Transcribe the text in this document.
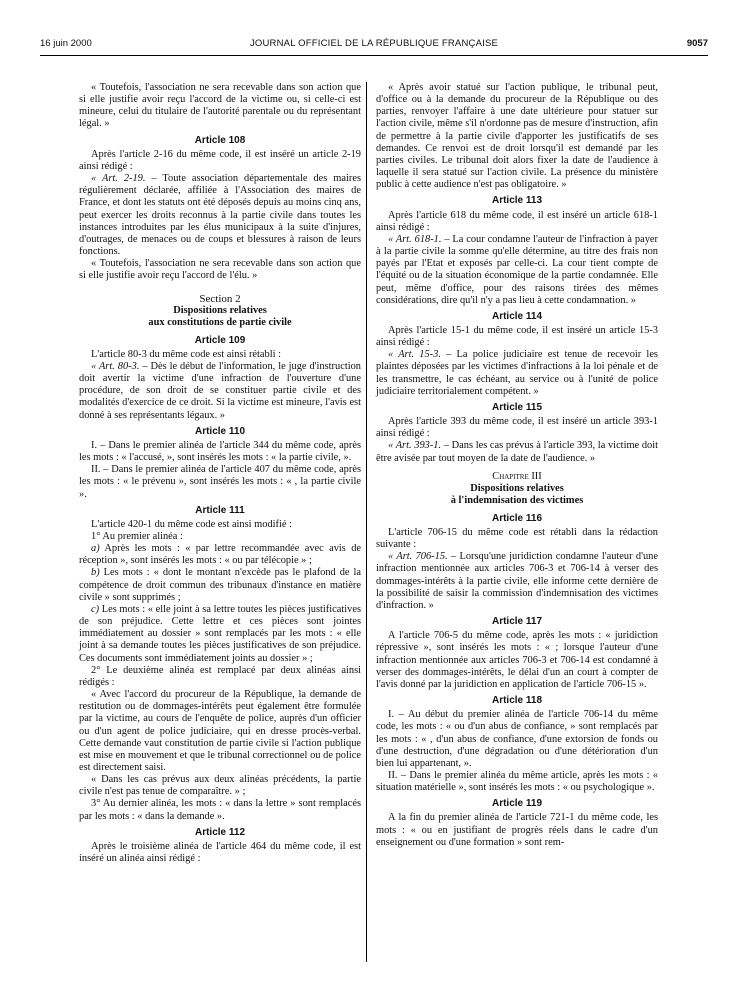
16 juin 2000	JOURNAL OFFICIEL DE LA RÉPUBLIQUE FRANÇAISE	9057

« Toutefois, l'association ne sera recevable dans son action que si elle justifie avoir reçu l'accord de la victime ou, si celle-ci est mineure, celui du titulaire de l'autorité parentale ou du représentant légal. »

Article 108

Après l'article 2-16 du même code, il est inséré un article 2-19 ainsi rédigé :

« Art. 2-19. – Toute association départementale des maires régulièrement déclarée, affiliée à l'Association des maires de France, et dont les statuts ont été déposés depuis au moins cinq ans, peut exercer les droits reconnus à la partie civile dans toutes les instances introduites par les élus municipaux à la suite d'injures, d'outrages, de menaces ou de coups et blessures à raison de leurs fonctions.

« Toutefois, l'association ne sera recevable dans son action que si elle justifie avoir reçu l'accord de l'élu. »

Section 2
Dispositions relatives
aux constitutions de partie civile
Article 109

L'article 80-3 du même code est ainsi rétabli :

« Art. 80-3. – Dès le début de l'information, le juge d'instruction doit avertir la victime d'une infraction de l'ouverture d'une procédure, de son droit de se constituer partie civile et des modalités d'exercice de ce droit. Si la victime est mineure, l'avis est donné à ses représentants légaux. »

Article 110

I. – Dans le premier alinéa de l'article 344 du même code, après les mots : « l'accusé, », sont insérés les mots : « la partie civile, ».

II. – Dans le premier alinéa de l'article 407 du même code, après les mots : « le prévenu », sont insérés les mots : « , la partie civile ».

Article 111

L'article 420-1 du même code est ainsi modifié :

1° Au premier alinéa :

a) Après les mots : « par lettre recommandée avec avis de réception », sont insérés les mots : « ou par télécopie » ;

b) Les mots : « dont le montant n'excède pas le plafond de la compétence de droit commun des tribunaux d'instance en matière civile » sont supprimés ;

c) Les mots : « elle joint à sa lettre toutes les pièces justificatives de son préjudice. Cette lettre et ces pièces sont jointes immédiatement au dossier » sont remplacés par les mots : « elle joint à sa demande toutes les pièces justificatives de son préjudice. Ces documents sont immédiatement joints au dossier » ;

2° Le deuxième alinéa est remplacé par deux alinéas ainsi rédigés :

« Avec l'accord du procureur de la République, la demande de restitution ou de dommages-intérêts peut également être formulée par la victime, au cours de l'enquête de police, auprès d'un officier ou d'un agent de police judiciaire, qui en dresse procès-verbal. Cette demande vaut constitution de partie civile si l'action publique est mise en mouvement et que le tribunal correctionnel ou de police est directement saisi.

« Dans les cas prévus aux deux alinéas précédents, la partie civile n'est pas tenue de comparaître. » ;

3° Au dernier alinéa, les mots : « dans la lettre » sont remplacés par les mots : « dans la demande ».

Article 112

Après le troisième alinéa de l'article 464 du même code, il est inséré un alinéa ainsi rédigé :

« Après avoir statué sur l'action publique, le tribunal peut, d'office ou à la demande du procureur de la République ou des parties, renvoyer l'affaire à une date ultérieure pour statuer sur l'action civile, même s'il n'ordonne pas de mesure d'instruction, afin de permettre à la partie civile d'apporter les justificatifs de ses demandes. Ce renvoi est de droit lorsqu'il est demandé par les parties civiles. Le tribunal doit alors fixer la date de l'audience à laquelle il sera statué sur l'action civile. La présence du ministère public à cette audience n'est pas obligatoire. »

Article 113

Après l'article 618 du même code, il est inséré un article 618-1 ainsi rédigé :

« Art. 618-1. – La cour condamne l'auteur de l'infraction à payer à la partie civile la somme qu'elle détermine, au titre des frais non payés par l'Etat et exposés par celle-ci. La cour tient compte de l'équité ou de la situation économique de la partie condamnée. Elle peut, même d'office, pour des raisons tirées des mêmes considérations, dire qu'il n'y a pas lieu à cette condamnation. »

Article 114

Après l'article 15-1 du même code, il est inséré un article 15-3 ainsi rédigé :

« Art. 15-3. – La police judiciaire est tenue de recevoir les plaintes déposées par les victimes d'infractions à la loi pénale et de les transmettre, le cas échéant, au service ou à l'unité de police judiciaire territorialement compétent. »

Article 115

Après l'article 393 du même code, il est inséré un article 393-1 ainsi rédigé :

« Art. 393-1. – Dans les cas prévus à l'article 393, la victime doit être avisée par tout moyen de la date de l'audience. »

Chapitre III
Dispositions relatives
à l'indemnisation des victimes
Article 116

L'article 706-15 du même code est rétabli dans la rédaction suivante :

« Art. 706-15. – Lorsqu'une juridiction condamne l'auteur d'une infraction mentionnée aux articles 706-3 et 706-14 à verser des dommages-intérêts à la partie civile, elle informe cette dernière de la possibilité de saisir la commission d'indemnisation des victimes d'infraction. »

Article 117

A l'article 706-5 du même code, après les mots : « juridiction répressive », sont insérés les mots : « ; lorsque l'auteur d'une infraction mentionnée aux articles 706-3 et 706-14 est condamné à verser des dommages-intérêts, le délai d'un an court à compter de l'avis donné par la juridiction en application de l'article 706-15 ».

Article 118

I. – Au début du premier alinéa de l'article 706-14 du même code, les mots : « ou d'un abus de confiance, » sont remplacés par les mots : « , d'un abus de confiance, d'une extorsion de fonds ou d'une destruction, d'une dégradation ou d'une détérioration d'un bien lui appartenant, ».

II. – Dans le premier alinéa du même article, après les mots : « situation matérielle », sont insérés les mots : « ou psychologique ».

Article 119

A la fin du premier alinéa de l'article 721-1 du même code, les mots : « ou en justifiant de progrès réels dans le cadre d'un enseignement ou d'une formation » sont rem-
